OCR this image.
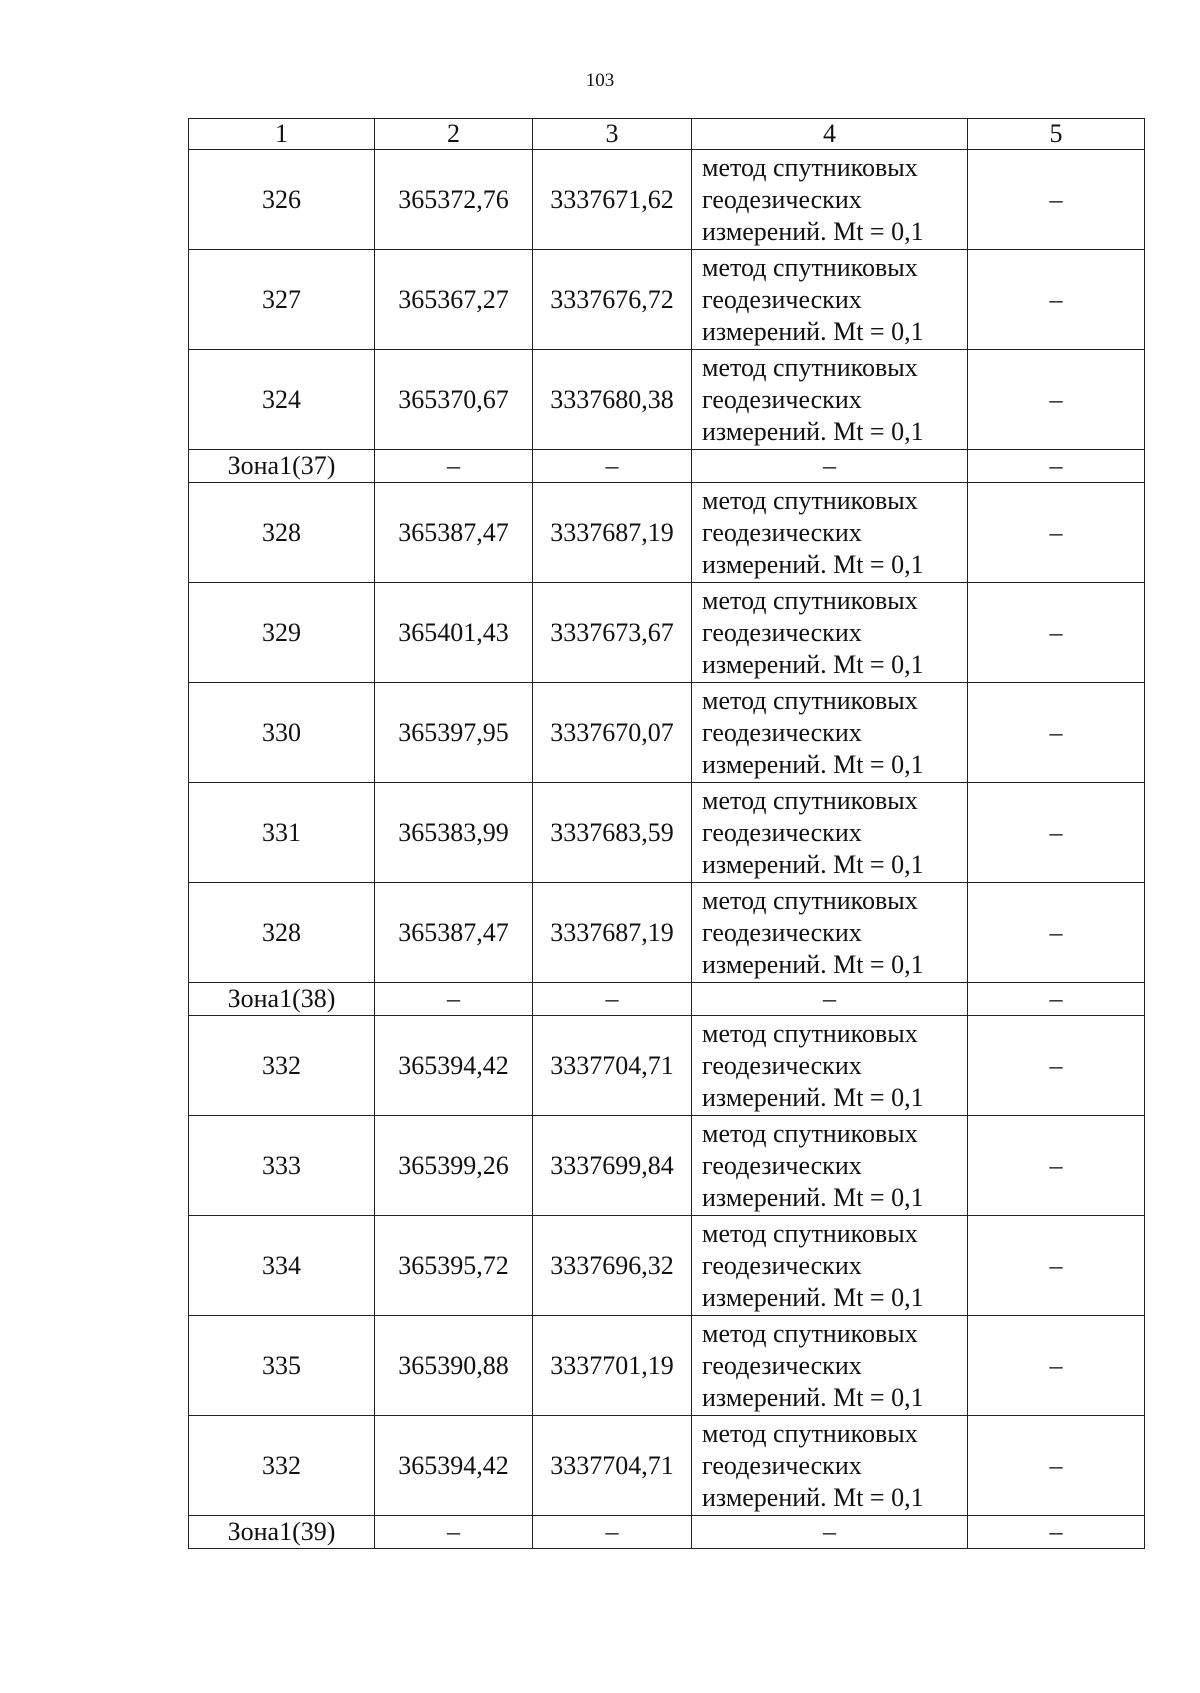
103
1	2	3	4	5
326	365372,76	3337671,62	метод спутниковых
геодезических
измерений. Mt = 0,1	–
327	365367,27	3337676,72	метод спутниковых
геодезических
измерений. Mt = 0,1	–
324	365370,67	3337680,38	метод спутниковых
геодезических
измерений. Mt = 0,1	–
Зона1(37)	–	–	–	–
328	365387,47	3337687,19	метод спутниковых
геодезических
измерений. Mt = 0,1	–
329	365401,43	3337673,67	метод спутниковых
геодезических
измерений. Mt = 0,1	–
330	365397,95	3337670,07	метод спутниковых
геодезических
измерений. Mt = 0,1	–
331	365383,99	3337683,59	метод спутниковых
геодезических
измерений. Mt = 0,1	–
328	365387,47	3337687,19	метод спутниковых
геодезических
измерений. Mt = 0,1	–
Зона1(38)	–	–	–	–
332	365394,42	3337704,71	метод спутниковых
геодезических
измерений. Mt = 0,1	–
333	365399,26	3337699,84	метод спутниковых
геодезических
измерений. Mt = 0,1	–
334	365395,72	3337696,32	метод спутниковых
геодезических
измерений. Mt = 0,1	–
335	365390,88	3337701,19	метод спутниковых
геодезических
измерений. Mt = 0,1	–
332	365394,42	3337704,71	метод спутниковых
геодезических
измерений. Mt = 0,1	–
Зона1(39)	–	–	–	–
